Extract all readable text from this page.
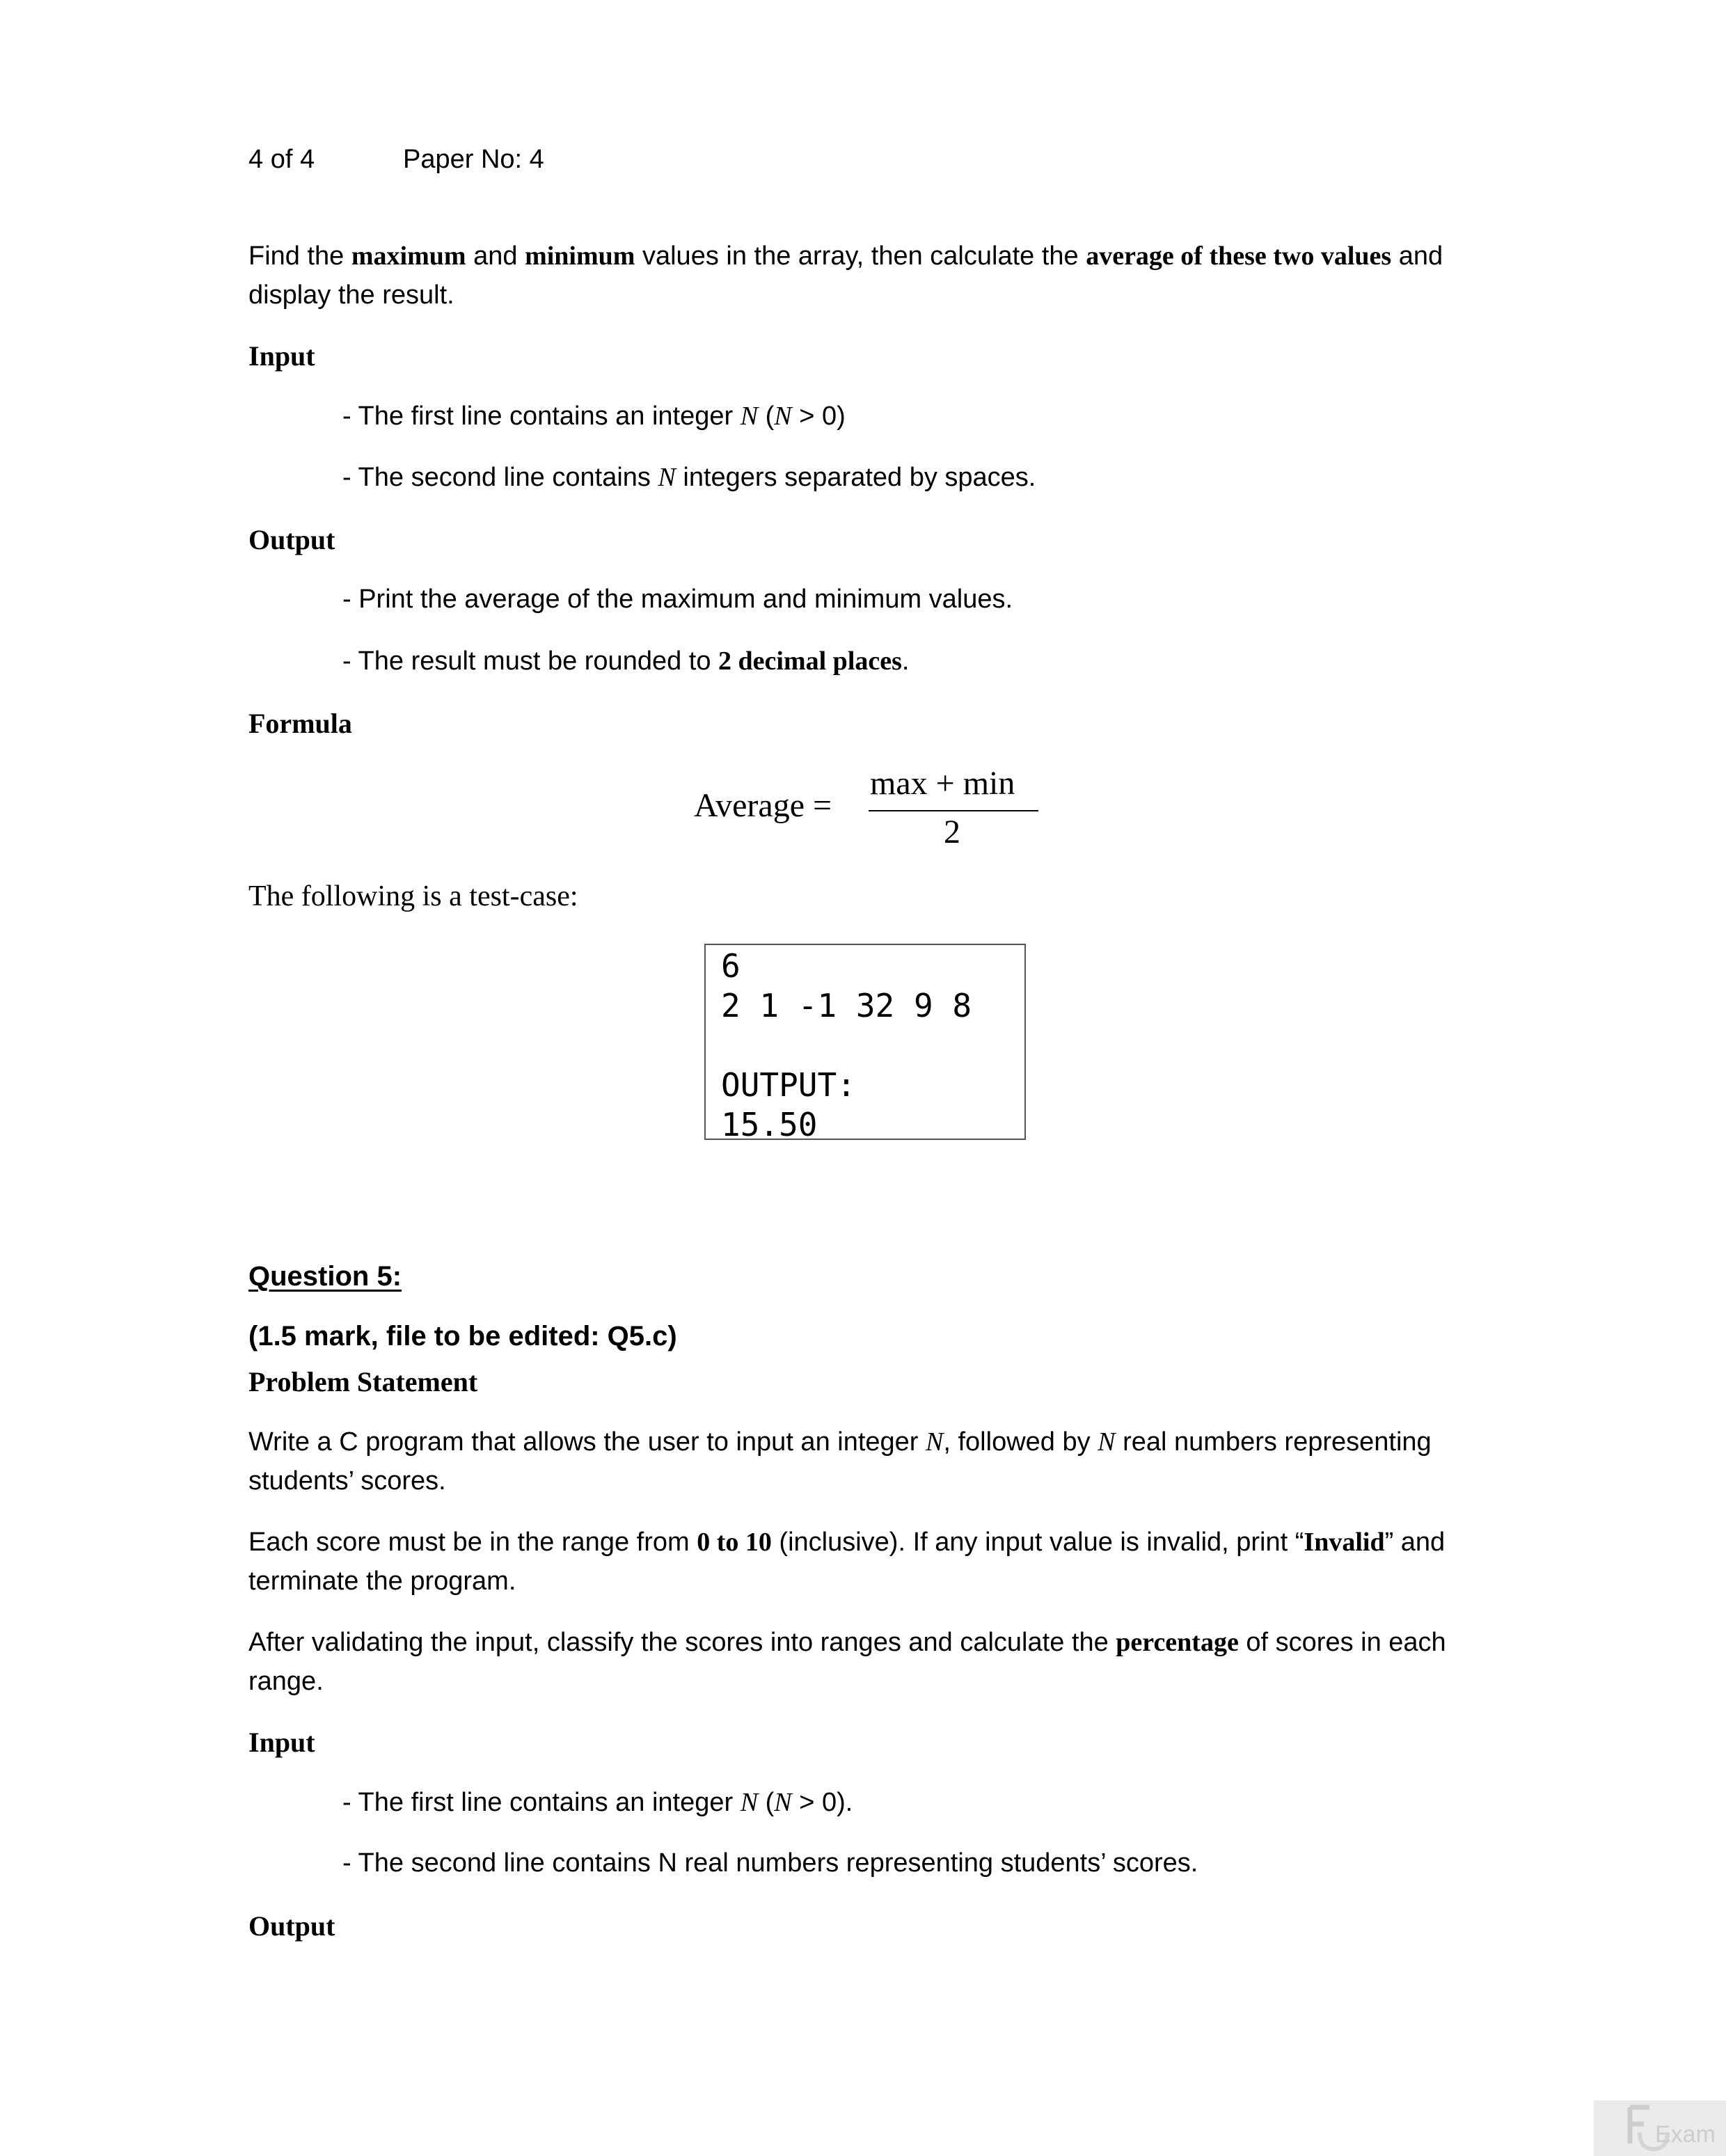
4 of 4	Paper No: 4
Find the maximum and minimum values in the array, then calculate the average of these two values and
display the result.
Input
- The first line contains an integer N (N > 0)
- The second line contains N integers separated by spaces.
Output
- Print the average of the maximum and minimum values.
- The result must be rounded to 2 decimal places.
Formula
Average =
max + min
2
The following is a test-case:
6
2 1 -1 32 9 8

OUTPUT:
15.50
Question 5:
(1.5 mark, file to be edited: Q5.c)
Problem Statement
Write a C program that allows the user to input an integer N, followed by N real numbers representing
students’ scores.
Each score must be in the range from 0 to 10 (inclusive). If any input value is invalid, print “Invalid” and
terminate the program.
After validating the input, classify the scores into ranges and calculate the percentage of scores in each
range.
Input
- The first line contains an integer N (N > 0).
- The second line contains N real numbers representing students’ scores.
Output
Exam
